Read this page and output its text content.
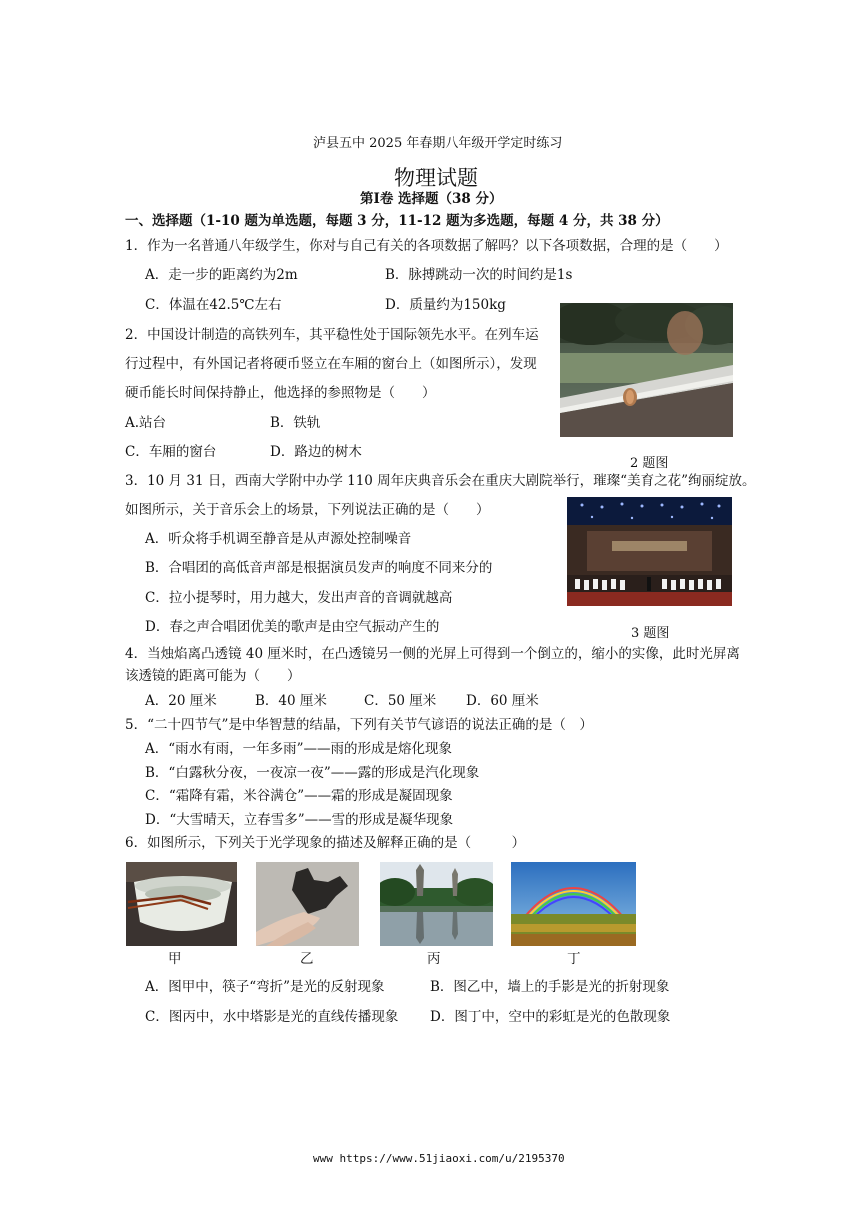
泸县五中 2025 年春期八年级开学定时练习
物理试题
第Ⅰ卷 选择题（38 分）
一、选择题（1-10 题为单选题，每题 3 分，11-12 题为多选题，每题 4 分，共 38 分）
1．作为一名普通八年级学生，你对与自己有关的各项数据了解吗？以下各项数据，合理的是（　　）
A．走一步的距离约为2m	B．脉搏跳动一次的时间约是1s
C．体温在42.5℃左右	D．质量约为150kg
2．中国设计制造的高铁列车，其平稳性处于国际领先水平。在列车运
行过程中，有外国记者将硬币竖立在车厢的窗台上（如图所示），发现
硬币能长时间保持静止，他选择的参照物是（　　）
A.站台	B．铁轨
C．车厢的窗台	D．路边的树木
2 题图
3．10 月 31 日，西南大学附中办学 110 周年庆典音乐会在重庆大剧院举行，璀璨“美育之花”绚丽绽放。
如图所示，关于音乐会上的场景，下列说法正确的是（　　）
A．听众将手机调至静音是从声源处控制噪音
B．合唱团的高低音声部是根据演员发声的响度不同来分的
C．拉小提琴时，用力越大，发出声音的音调就越高
D．春之声合唱团优美的歌声是由空气振动产生的	3 题图
4．当烛焰离凸透镜 40 厘米时，在凸透镜另一侧的光屏上可得到一个倒立的，缩小的实像，此时光屏离
该透镜的距离可能为（　　）
A．20 厘米	B．40 厘米	C．50 厘米 D．60 厘米
5．“二十四节气”是中华智慧的结晶，下列有关节气谚语的说法正确的是（　）
A．“雨水有雨，一年多雨”——雨的形成是熔化现象
B．“白露秋分夜，一夜凉一夜”——露的形成是汽化现象
C．“霜降有霜，米谷满仓”——霜的形成是凝固现象
D．“大雪晴天，立春雪多”——雪的形成是凝华现象
6．如图所示，下列关于光学现象的描述及解释正确的是（　　　）
甲	乙	丙	丁
A．图甲中，筷子“弯折”是光的反射现象	B．图乙中，墙上的手影是光的折射现象
C．图丙中，水中塔影是光的直线传播现象 D．图丁中，空中的彩虹是光的色散现象
www https://www.51jiaoxi.com/u/2195370
